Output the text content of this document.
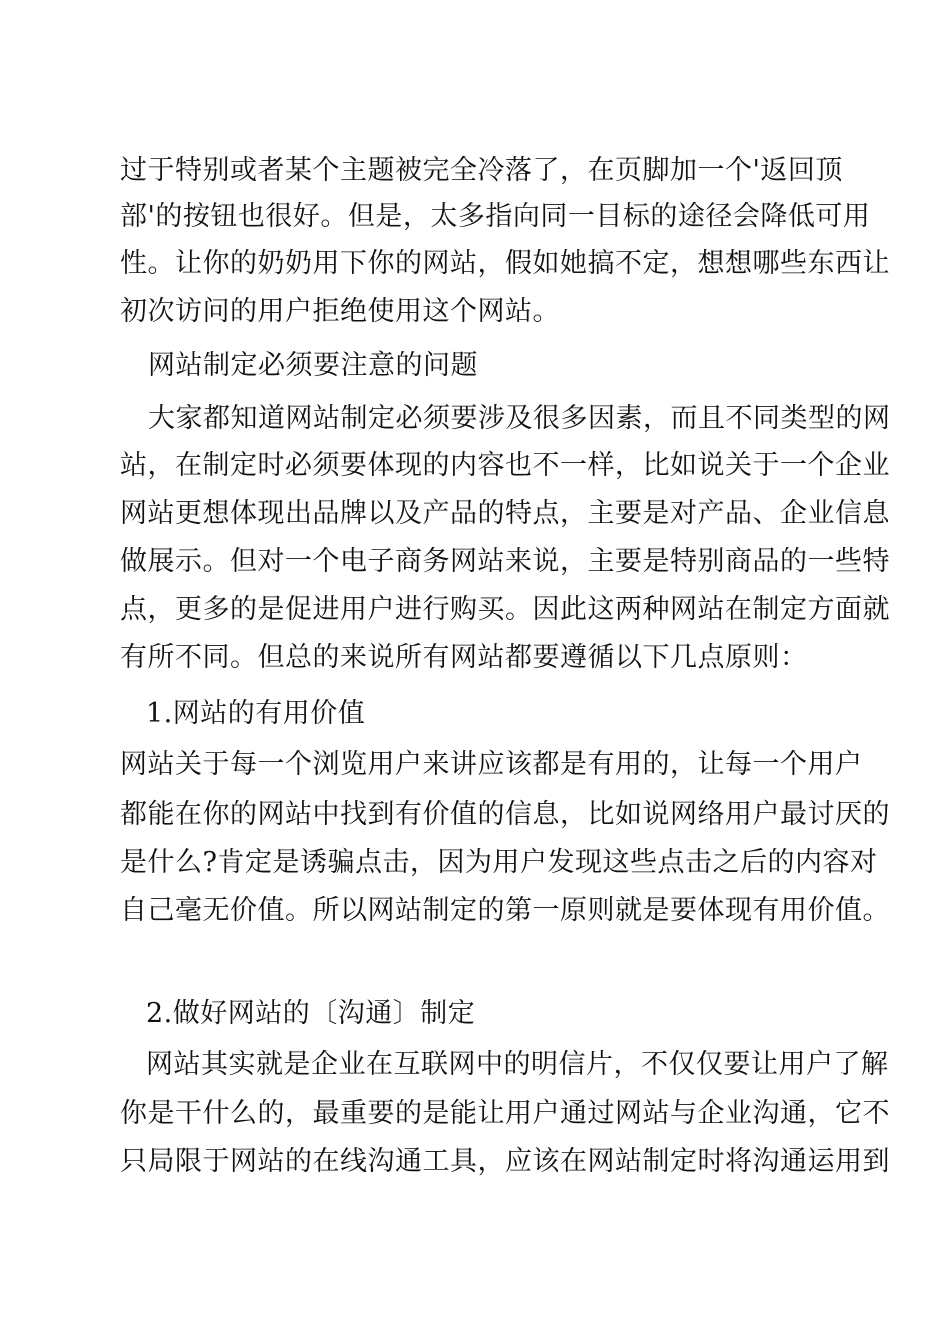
过于特别或者某个主题被完全冷落了，在页脚加一个'返回顶
部'的按钮也很好。但是，太多指向同一目标的途径会降低可用
性。让你的奶奶用下你的网站，假如她搞不定，想想哪些东西让
初次访问的用户拒绝使用这个网站。
网站制定必须要注意的问题
大家都知道网站制定必须要涉及很多因素，而且不同类型的网
站，在制定时必须要体现的内容也不一样，比如说关于一个企业
网站更想体现出品牌以及产品的特点，主要是对产品、企业信息
做展示。但对一个电子商务网站来说，主要是特别商品的一些特
点，更多的是促进用户进行购买。因此这两种网站在制定方面就
有所不同。但总的来说所有网站都要遵循以下几点原则：
1.网站的有用价值
网站关于每一个浏览用户来讲应该都是有用的，让每一个用户
都能在你的网站中找到有价值的信息，比如说网络用户最讨厌的
是什么?肯定是诱骗点击，因为用户发现这些点击之后的内容对
自己毫无价值。所以网站制定的第一原则就是要体现有用价值。
2.做好网站的〔沟通〕制定
网站其实就是企业在互联网中的明信片，不仅仅要让用户了解
你是干什么的，最重要的是能让用户通过网站与企业沟通，它不
只局限于网站的在线沟通工具，应该在网站制定时将沟通运用到
